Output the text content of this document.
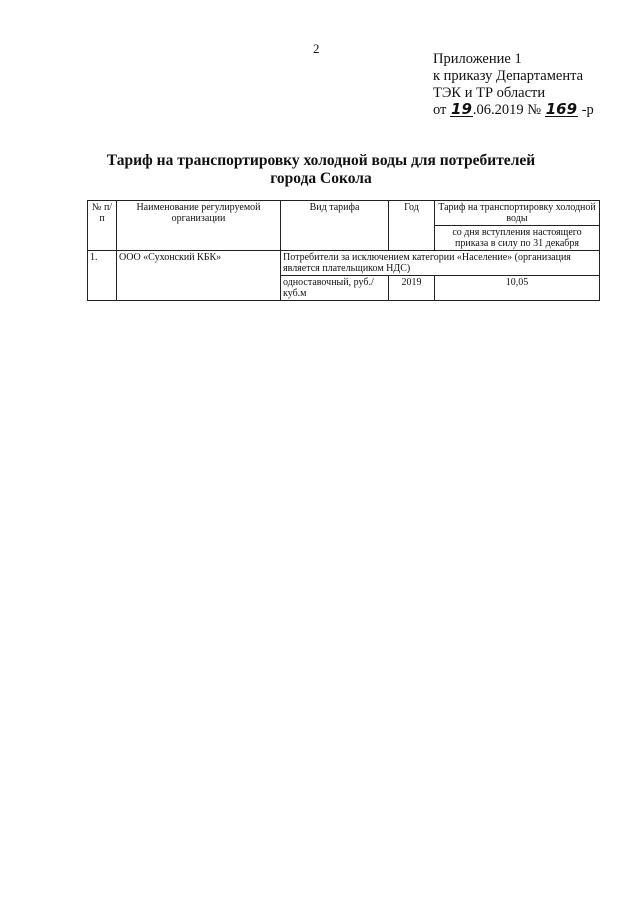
2
Приложение 1
к приказу Департамента
ТЭК и ТР области
от 19.06.2019 № 169 -р
Тариф на транспортировку холодной воды для потребителей
города Сокола
№ п/п	Наименование регулируемой организации	Вид тарифа	Год	Тариф на транспортировку холодной воды
				со дня вступления настоящего приказа в силу по 31 декабря
1.	ООО «Сухонский КБК»	Потребители за исключением категории «Население» (организация является плательщиком НДС)		
		одноставочный, руб./куб.м	2019	10,05
